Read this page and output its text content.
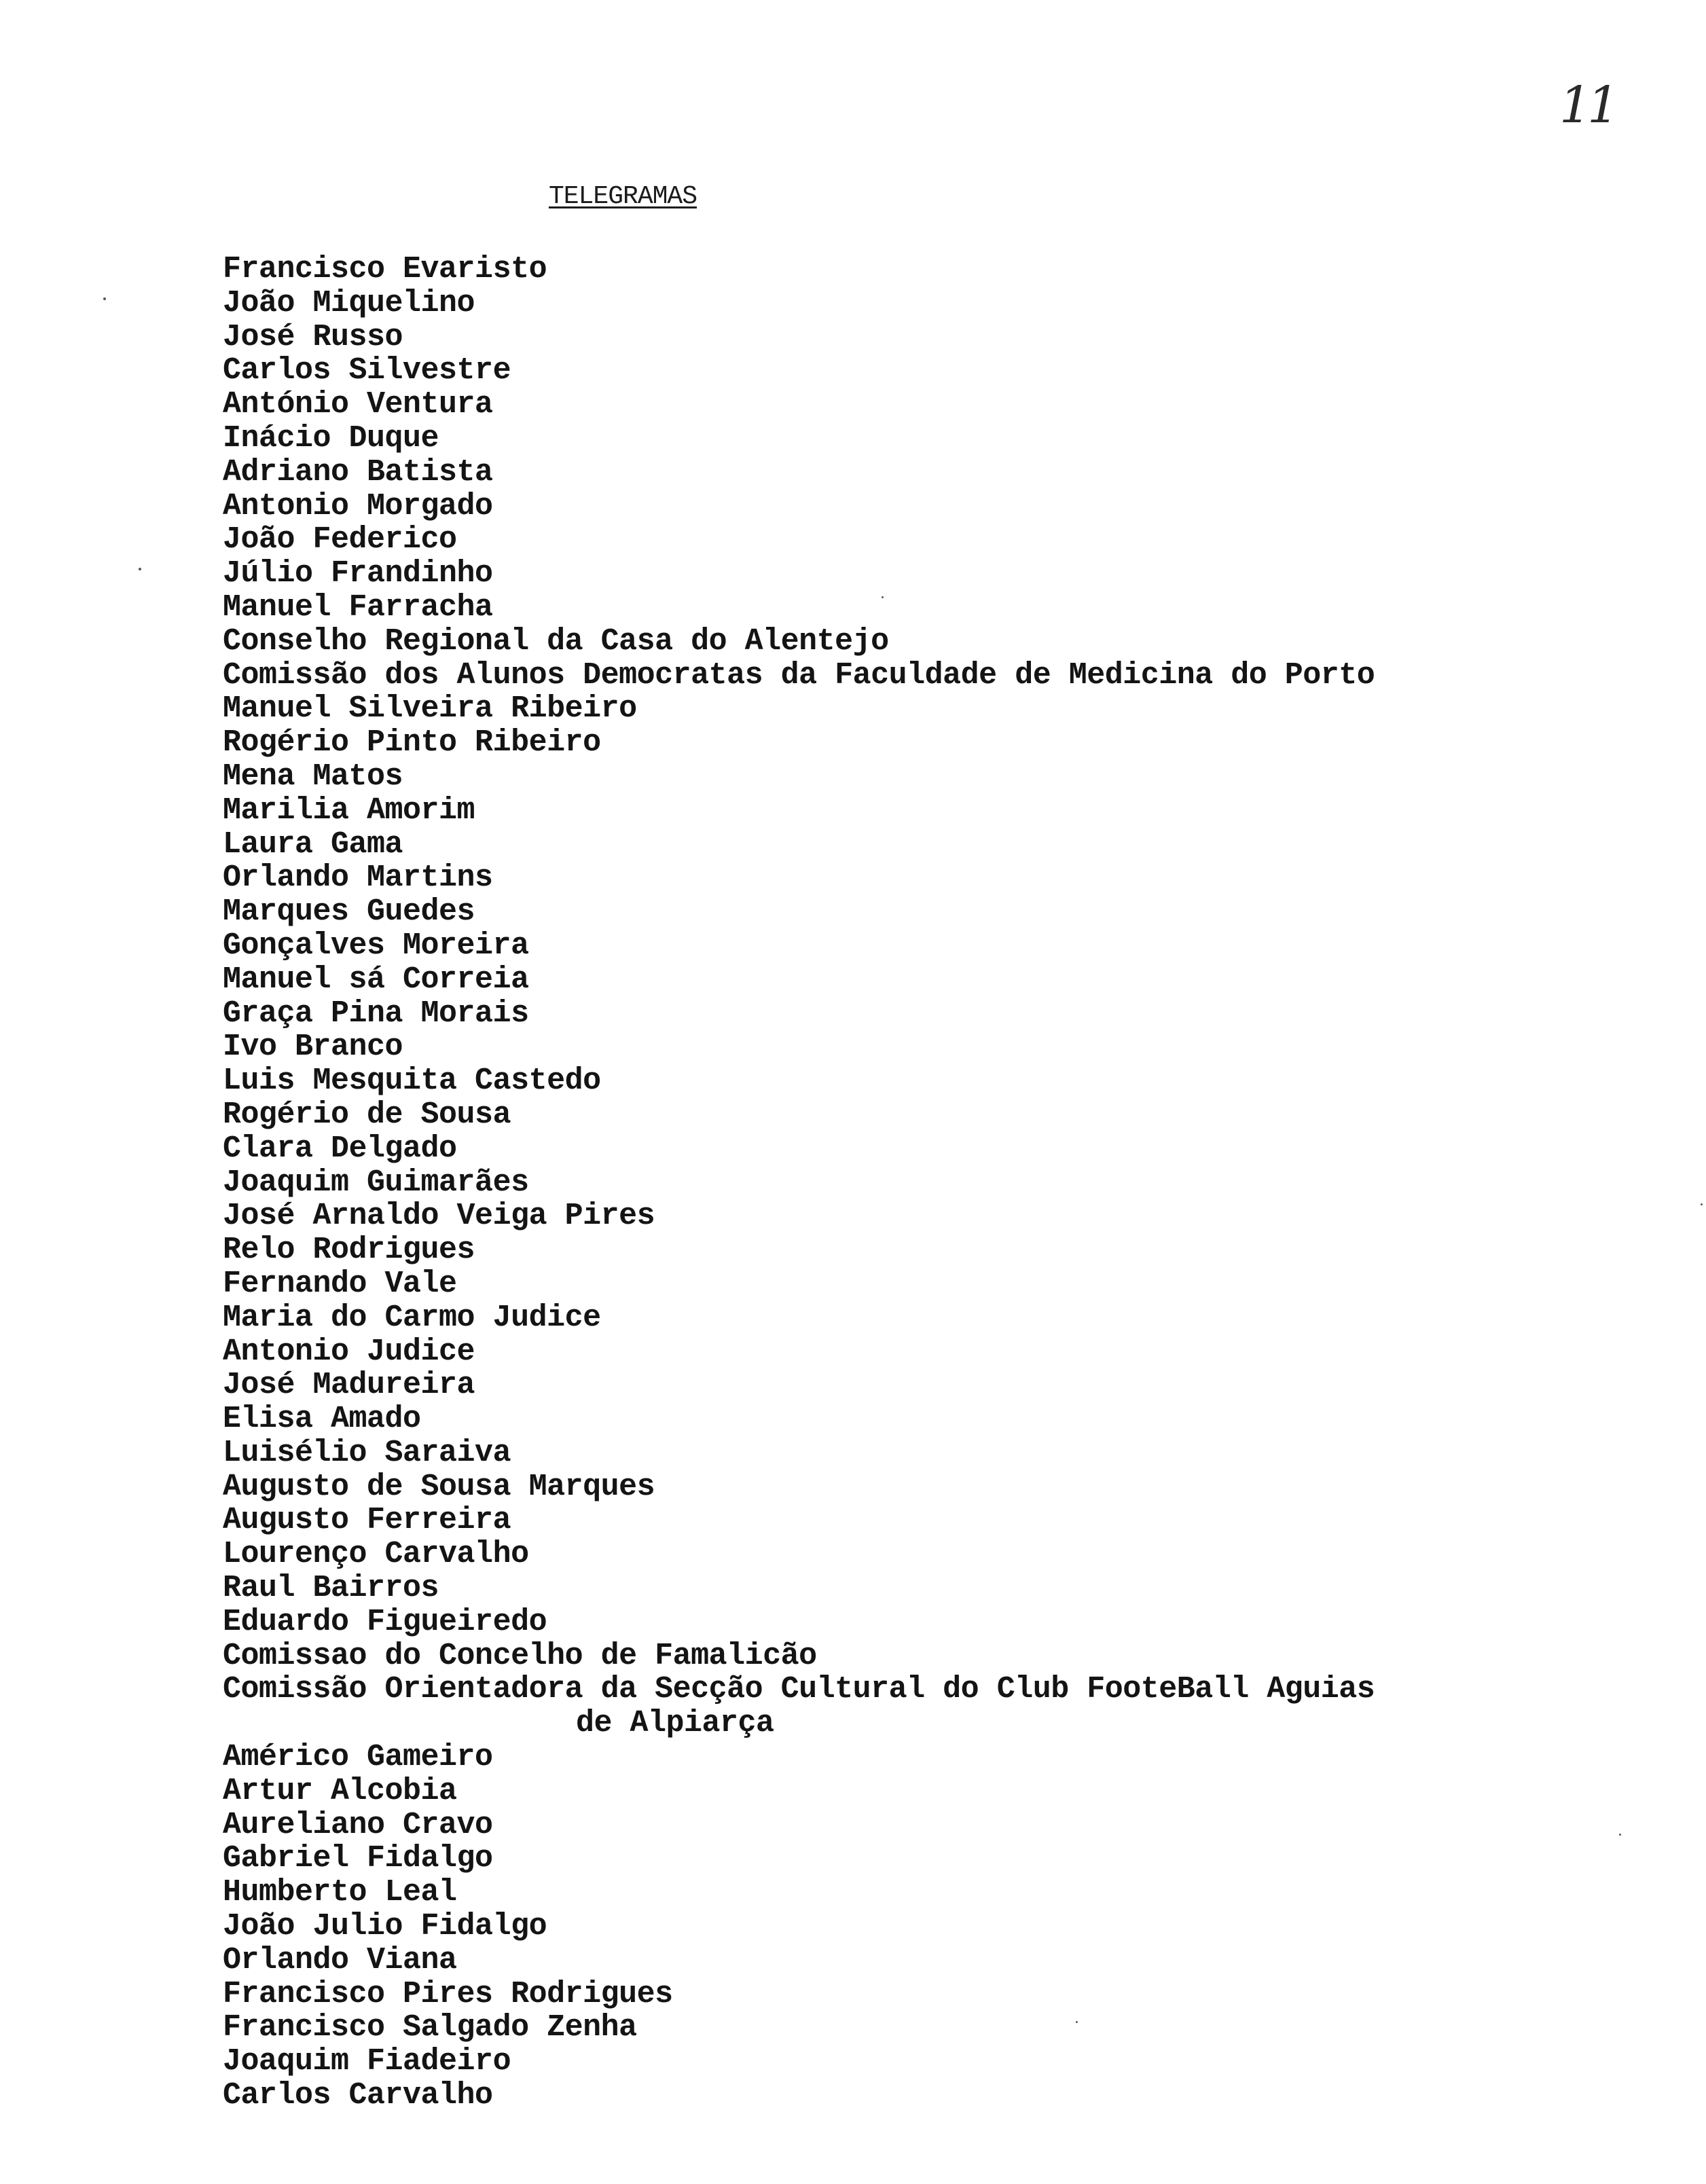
11
TELEGRAMAS
Francisco Evaristo
João Miquelino
José Russo
Carlos Silvestre
António Ventura
Inácio Duque
Adriano Batista
Antonio Morgado
João Federico
Júlio Frandinho
Manuel Farracha
Conselho Regional da Casa do Alentejo
Comissão dos Alunos Democratas da Faculdade de Medicina do Porto
Manuel Silveira Ribeiro
Rogério Pinto Ribeiro
Mena Matos
Marilia Amorim
Laura Gama
Orlando Martins
Marques Guedes
Gonçalves Moreira
Manuel sá Correia
Graça Pina Morais
Ivo Branco
Luis Mesquita Castedo
Rogério de Sousa
Clara Delgado
Joaquim Guimarães
José Arnaldo Veiga Pires
Relo Rodrigues
Fernando Vale
Maria do Carmo Judice
Antonio Judice
José Madureira
Elisa Amado
Luisélio Saraiva
Augusto de Sousa Marques
Augusto Ferreira
Lourenço Carvalho
Raul Bairros
Eduardo Figueiredo
Comissao do Concelho de Famalicão
Comissão Orientadora da Secção Cultural do Club FooteBall Aguias
de Alpiarça
Américo Gameiro
Artur Alcobia
Aureliano Cravo
Gabriel Fidalgo
Humberto Leal
João Julio Fidalgo
Orlando Viana
Francisco Pires Rodrigues
Francisco Salgado Zenha
Joaquim Fiadeiro
Carlos Carvalho
